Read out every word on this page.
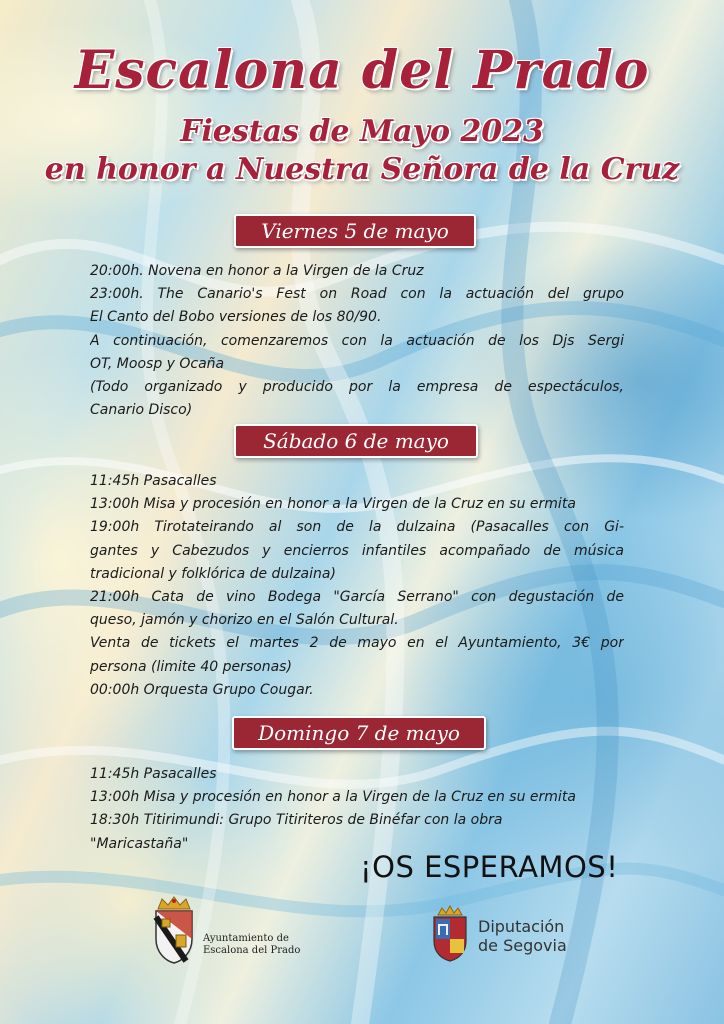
Escalona del Prado
Fiestas de Mayo 2023
en honor a Nuestra Señora de la Cruz
Viernes 5 de mayo
20:00h. Novena en honor a la Virgen de la Cruz
23:00h. The Canario's Fest on Road con la actuación del grupo
El Canto del Bobo versiones de los 80/90.
A continuación, comenzaremos con la actuación de los Djs Sergi
OT, Moosp y Ocaña
(Todo organizado y producido por la empresa de espectáculos,
Canario Disco)
Sábado 6 de mayo
11:45h Pasacalles
13:00h Misa y procesión en honor a la Virgen de la Cruz en su ermita
19:00h Tirotateirando al son de la dulzaina (Pasacalles con Gi-
gantes y Cabezudos y encierros infantiles acompañado de música
tradicional y folklórica de dulzaina)
21:00h Cata de vino Bodega "García Serrano" con degustación de
queso, jamón y chorizo en el Salón Cultural.
Venta de tickets el martes 2 de mayo en el Ayuntamiento, 3€ por
persona (limite 40 personas)
00:00h Orquesta Grupo Cougar.
Domingo 7 de mayo
11:45h Pasacalles
13:00h Misa y procesión en honor a la Virgen de la Cruz en su ermita
18:30h Titirimundi: Grupo Titiriteros de Binéfar con la obra
"Maricastaña"
¡OS ESPERAMOS!
Ayuntamiento de
Escalona del Prado
Diputación
de Segovia
